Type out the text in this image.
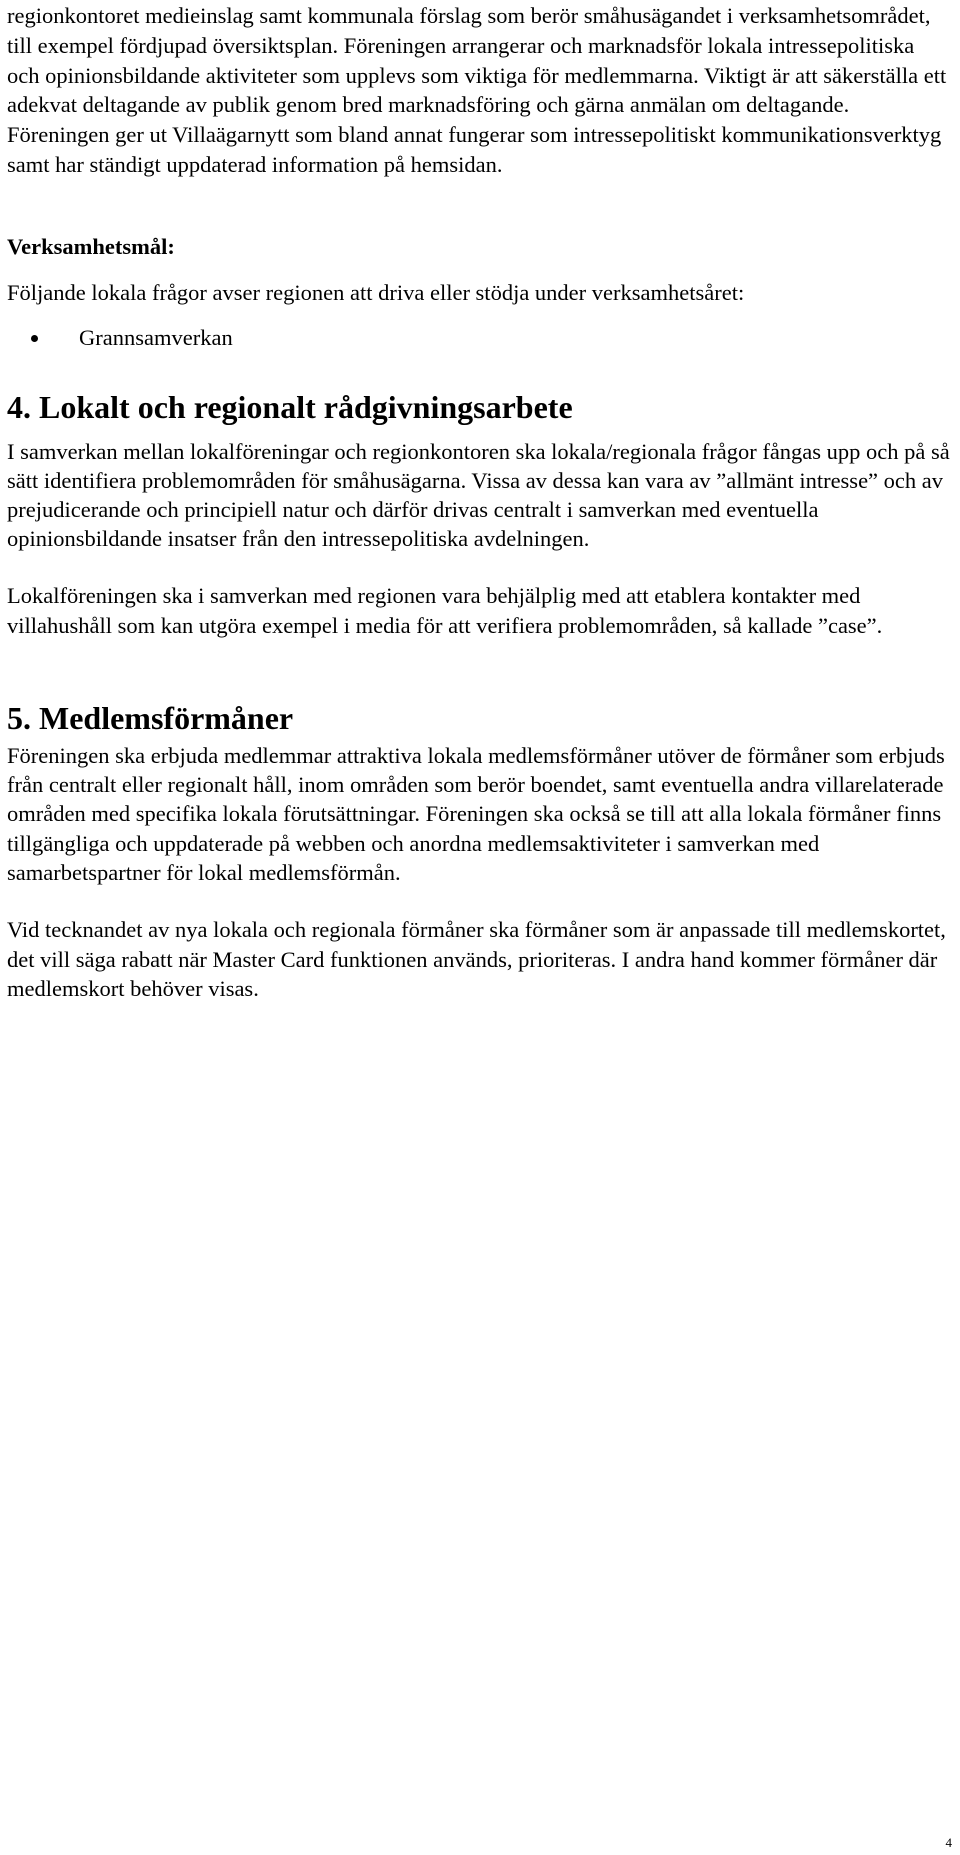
regionkontoret medieinslag samt kommunala förslag som berör småhusägandet i verksamhetsområdet, till exempel fördjupad översiktsplan. Föreningen arrangerar och marknadsför lokala intressepolitiska och opinionsbildande aktiviteter som upplevs som viktiga för medlemmarna. Viktigt är att säkerställa ett adekvat deltagande av publik genom bred marknadsföring och gärna anmälan om deltagande. Föreningen ger ut Villaägarnytt som bland annat fungerar som intressepolitiskt kommunikationsverktyg samt har ständigt uppdaterad information på hemsidan.

Verksamhetsmål:

Följande lokala frågor avser regionen att driva eller stödja under verksamhetsåret:

Grannsamverkan
4. Lokalt och regionalt rådgivningsarbete

I samverkan mellan lokalföreningar och regionkontoren ska lokala/regionala frågor fångas upp och på så sätt identifiera problemområden för småhusägarna. Vissa av dessa kan vara av ”allmänt intresse” och av prejudicerande och principiell natur och därför drivas centralt i samverkan med eventuella opinionsbildande insatser från den intressepolitiska avdelningen.

Lokalföreningen ska i samverkan med regionen vara behjälplig med att etablera kontakter med villahushåll som kan utgöra exempel i media för att verifiera problemområden, så kallade ”case”.

5. Medlemsförmåner

Föreningen ska erbjuda medlemmar attraktiva lokala medlemsförmåner utöver de förmåner som erbjuds från centralt eller regionalt håll, inom områden som berör boendet, samt eventuella andra villarelaterade områden med specifika lokala förutsättningar. Föreningen ska också se till att alla lokala förmåner finns tillgängliga och uppdaterade på webben och anordna medlemsaktiviteter i samverkan med samarbetspartner för lokal medlemsförmån.

Vid tecknandet av nya lokala och regionala förmåner ska förmåner som är anpassade till medlemskortet, det vill säga rabatt när Master Card funktionen används, prioriteras. I andra hand kommer förmåner där medlemskort behöver visas.

4
